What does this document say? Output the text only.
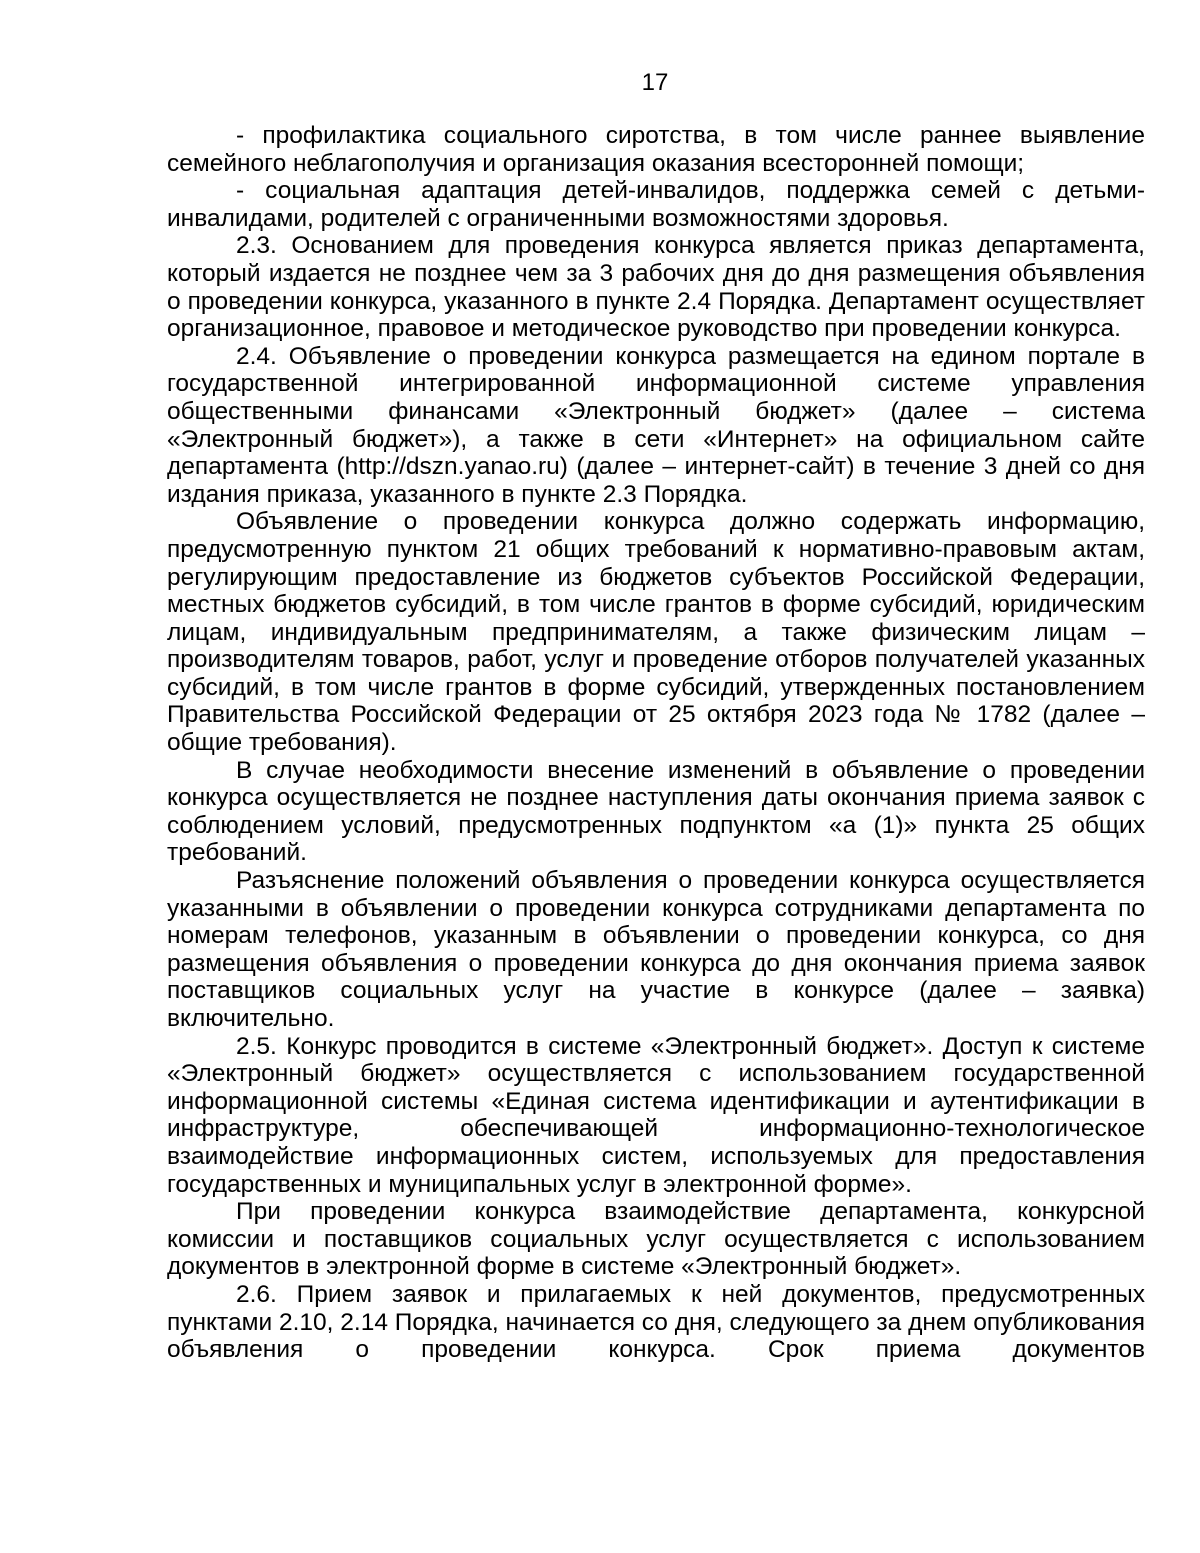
17

- профилактика социального сиротства, в том числе раннее выявление семейного неблагополучия и организация оказания всесторонней помощи;

- социальная адаптация детей-инвалидов, поддержка семей с детьми-инвалидами, родителей с ограниченными возможностями здоровья.

2.3. Основанием для проведения конкурса является приказ департамента, который издается не позднее чем за 3 рабочих дня до дня размещения объявления о проведении конкурса, указанного в пункте 2.4 Порядка. Департамент осуществляет организационное, правовое и методическое руководство при проведении конкурса.

2.4. Объявление о проведении конкурса размещается на едином портале в государственной интегрированной информационной системе управления общественными финансами «Электронный бюджет» (далее – система «Электронный бюджет»), а также в сети «Интернет» на официальном сайте департамента (http://dszn.yanao.ru) (далее – интернет-сайт) в течение 3 дней со дня издания приказа, указанного в пункте 2.3 Порядка.

Объявление о проведении конкурса должно содержать информацию, предусмотренную пунктом 21 общих требований к нормативно-правовым актам, регулирующим предоставление из бюджетов субъектов Российской Федерации, местных бюджетов субсидий, в том числе грантов в форме субсидий, юридическим лицам, индивидуальным предпринимателям, а также физическим лицам – производителям товаров, работ, услуг и проведение отборов получателей указанных субсидий, в том числе грантов в форме субсидий, утвержденных постановлением Правительства Российской Федерации от 25 октября 2023 года № 1782 (далее – общие требования).

В случае необходимости внесение изменений в объявление о проведении конкурса осуществляется не позднее наступления даты окончания приема заявок с соблюдением условий, предусмотренных подпунктом «а (1)» пункта 25 общих требований.

Разъяснение положений объявления о проведении конкурса осуществляется указанными в объявлении о проведении конкурса сотрудниками департамента по номерам телефонов, указанным в объявлении о проведении конкурса, со дня размещения объявления о проведении конкурса до дня окончания приема заявок поставщиков социальных услуг на участие в конкурсе (далее – заявка) включительно.

2.5. Конкурс проводится в системе «Электронный бюджет». Доступ к системе «Электронный бюджет» осуществляется с использованием государственной информационной системы «Единая система идентификации и аутентификации в инфраструктуре, обеспечивающей информационно-технологическое взаимодействие информационных систем, используемых для предоставления государственных и муниципальных услуг в электронной форме».

При проведении конкурса взаимодействие департамента, конкурсной комиссии и поставщиков социальных услуг осуществляется с использованием документов в электронной форме в системе «Электронный бюджет».

2.6. Прием заявок и прилагаемых к ней документов, предусмотренных пунктами 2.10, 2.14 Порядка, начинается со дня, следующего за днем опубликования объявления о проведении конкурса. Срок приема документов
